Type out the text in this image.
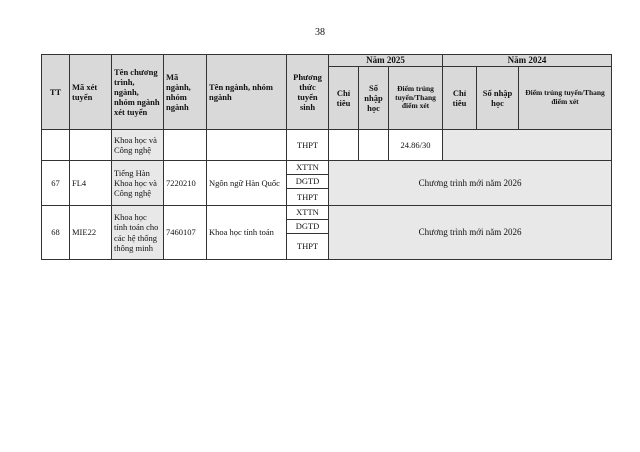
38
TT	Mã xét tuyển	Tên chương trình, ngành, nhóm ngành xét tuyển	Mã ngành, nhóm ngành	Tên ngành, nhóm ngành	Phương thức tuyển sinh	Năm 2025			Năm 2024		
						Chỉ tiêu	Số nhập học	Điểm trúng tuyển/Thang điểm xét	Chỉ tiêu	Số nhập học	Điểm trúng tuyển/Thang điểm xét
		Khoa học và Công nghệ			THPT			24.86/30			
67	FL4	Tiếng Hàn Khoa học và Công nghệ	7220210	Ngôn ngữ Hàn Quốc	XTTN	Chương trình mới năm 2026					
					DGTD						
					THPT						
68	MIE22	Khoa học tính toán cho các hệ thống thông minh	7460107	Khoa học tính toán	XTTN	Chương trình mới năm 2026					
					DGTD						
					THPT						
